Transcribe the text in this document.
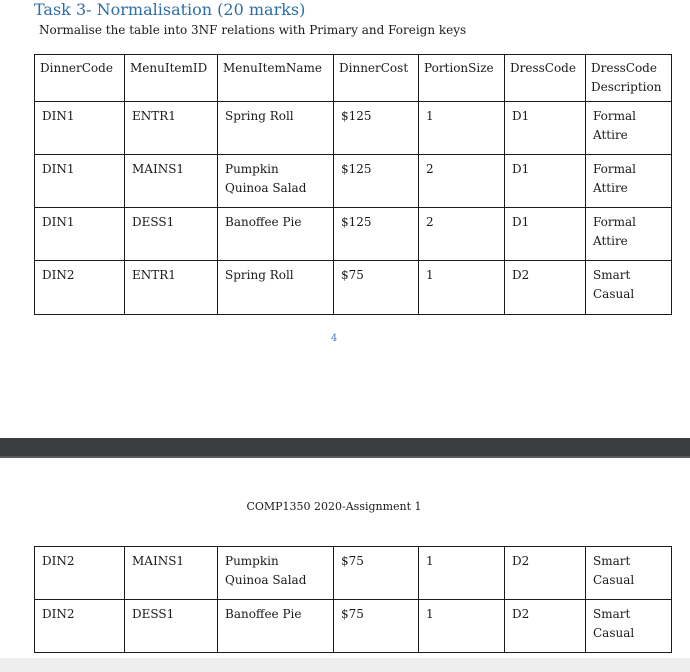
Task 3- Normalisation (20 marks)

Normalise the table into 3NF relations with Primary and Foreign keys

DinnerCode	MenuItemID	MenuItemName	DinnerCost	PortionSize	DressCode	DressCode Description
DIN1	ENTR1	Spring Roll	$125	1	D1	Formal Attire
DIN1	MAINS1	Pumpkin Quinoa Salad	$125	2	D1	Formal Attire
DIN1	DESS1	Banoffee Pie	$125	2	D1	Formal Attire
DIN2	ENTR1	Spring Roll	$75	1	D2	Smart Casual

4

COMP1350 2020-Assignment 1

DIN2	MAINS1	Pumpkin Quinoa Salad	$75	1	D2	Smart Casual
DIN2	DESS1	Banoffee Pie	$75	1	D2	Smart Casual
